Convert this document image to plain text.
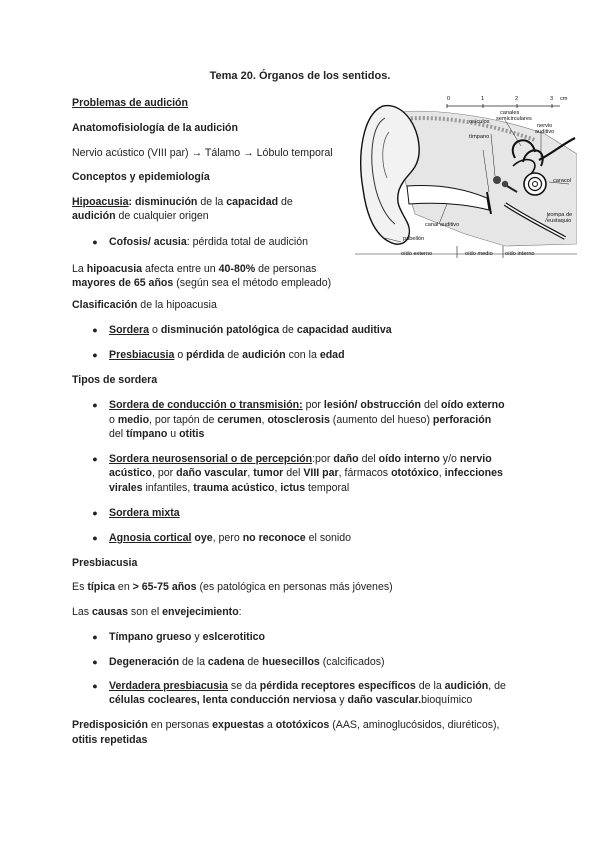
Tema 20. Órganos de los sentidos.
Problemas de audición
Anatomofisiología de la audición
Nervio acústico (VIII par) → Tálamo → Lóbulo temporal
Conceptos y epidemiología
Hipoacusia: disminución de la capacidad de
audición de cualquier origen
● Cofosis/ acusia: pérdida total de audición
La hipoacusia afecta entre un 40-80% de personas
mayores de 65 años (según sea el método empleado)
Clasificación de la hipoacusia
● Sordera o disminución patológica de capacidad auditiva
● Presbiacusia o pérdida de audición con la edad
Tipos de sordera
● Sordera de conducción o transmisión: por lesión/ obstrucción del oído externo
o medio, por tapón de cerumen, otosclerosis (aumento del hueso) perforación
del tímpano u otitis
● Sordera neurosensorial o de percepción:por daño del oído interno y/o nervio
acústico, por daño vascular, tumor del VIII par, fármacos ototóxico, infecciones
virales infantiles, trauma acústico, ictus temporal
● Sordera mixta
● Agnosia cortical oye, pero no reconoce el sonido
Presbiacusia
Es típica en > 65-75 años (es patológica en personas más jóvenes)
Las causas son el envejecimiento:
● Tímpano grueso y eslcerotitico
● Degeneración de la cadena de huesecillos (calcificados)
● Verdadera presbiacusia se da pérdida receptores específicos de la audición, de
células cocleares, lenta conducción nerviosa y daño vascular.bioquímico
Predisposición en personas expuestas a ototóxicos (AAS, aminoglucósidos, diuréticos),
otitis repetidas
0	1	2	3 cm
canales
semicirculares
osículos
nervio
auditivo
tímpano
caracol
trompa de
eustaquio
canal auditivo
pabellón
oído externo	oído medio oído interno
